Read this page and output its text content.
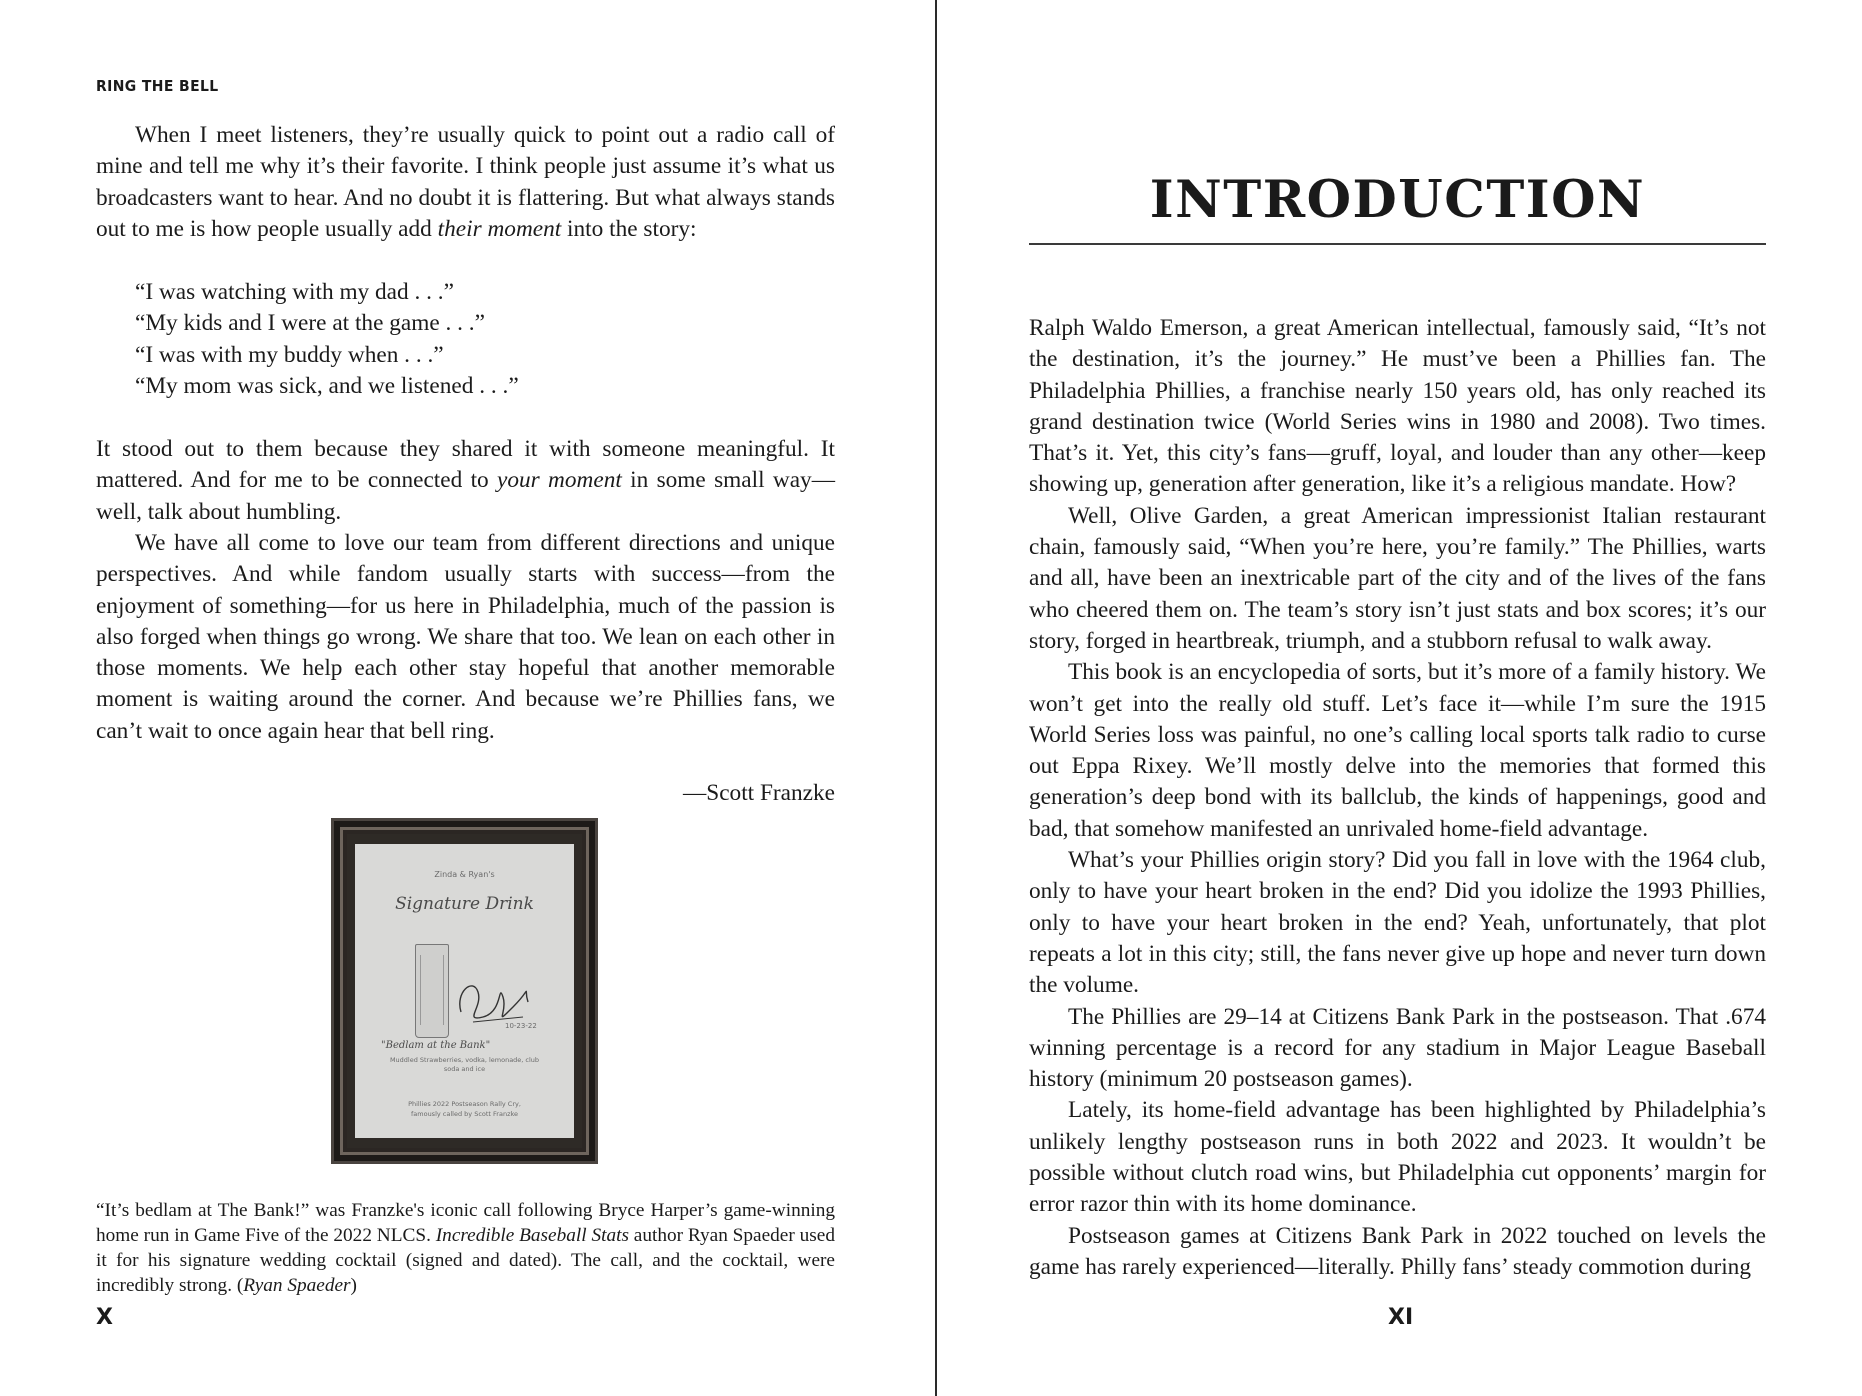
RING THE BELL

When I meet listeners, they’re usually quick to point out a radio call of mine and tell me why it’s their favorite. I think people just assume it’s what us broadcasters want to hear. And no doubt it is flattering. But what always stands out to me is how people usually add their moment into the story:

“I was watching with my dad . . .”
“My kids and I were at the game . . .”
“I was with my buddy when . . .”
“My mom was sick, and we listened . . .”

It stood out to them because they shared it with someone meaningful. It mattered. And for me to be connected to your moment in some small way—well, talk about humbling.

We have all come to love our team from different directions and unique perspectives. And while fandom usually starts with success—from the enjoyment of something—for us here in Philadelphia, much of the passion is also forged when things go wrong. We share that too. We lean on each other in those moments. We help each other stay hopeful that another memorable moment is waiting around the corner. And because we’re Phillies fans, we can’t wait to once again hear that bell ring.

—Scott Franzke
Zinda & Ryan's
Signature Drink
10-23-22
"Bedlam at the Bank"
Muddled Strawberries, vodka, lemonade, club soda and ice
Phillies 2022 Postseason Rally Cry,
famously called by Scott Franzke

“It’s bedlam at The Bank!” was Franzke's iconic call following Bryce Harper’s game-winning home run in Game Five of the 2022 NLCS. Incredible Baseball Stats author Ryan Spaeder used it for his signature wedding cocktail (signed and dated). The call, and the cocktail, were incredibly strong. (Ryan Spaeder)

X
INTRODUCTION

Ralph Waldo Emerson, a great American intellectual, famously said, “It’s not the destination, it’s the journey.” He must’ve been a Phillies fan. The Philadelphia Phillies, a franchise nearly 150 years old, has only reached its grand destination twice (World Series wins in 1980 and 2008). Two times. That’s it. Yet, this city’s fans—gruff, loyal, and louder than any other—keep showing up, generation after generation, like it’s a religious mandate. How?

Well, Olive Garden, a great American impressionist Italian restaurant chain, famously said, “When you’re here, you’re family.” The Phillies, warts and all, have been an inextricable part of the city and of the lives of the fans who cheered them on. The team’s story isn’t just stats and box scores; it’s our story, forged in heartbreak, triumph, and a stubborn refusal to walk away.

This book is an encyclopedia of sorts, but it’s more of a family history. We won’t get into the really old stuff. Let’s face it—while I’m sure the 1915 World Series loss was painful, no one’s calling local sports talk radio to curse out Eppa Rixey. We’ll mostly delve into the memories that formed this generation’s deep bond with its ballclub, the kinds of happenings, good and bad, that somehow manifested an unrivaled home-field advantage.

What’s your Phillies origin story? Did you fall in love with the 1964 club, only to have your heart broken in the end? Did you idolize the 1993 Phillies, only to have your heart broken in the end? Yeah, unfortunately, that plot repeats a lot in this city; still, the fans never give up hope and never turn down the volume.

The Phillies are 29–14 at Citizens Bank Park in the postseason. That .674 winning percentage is a record for any stadium in Major League Baseball history (minimum 20 postseason games).

Lately, its home-field advantage has been highlighted by Philadelphia’s unlikely lengthy postseason runs in both 2022 and 2023. It wouldn’t be possible without clutch road wins, but Philadelphia cut opponents’ margin for error razor thin with its home dominance.

Postseason games at Citizens Bank Park in 2022 touched on levels the game has rarely experienced—literally. Philly fans’ steady commotion during

XI
